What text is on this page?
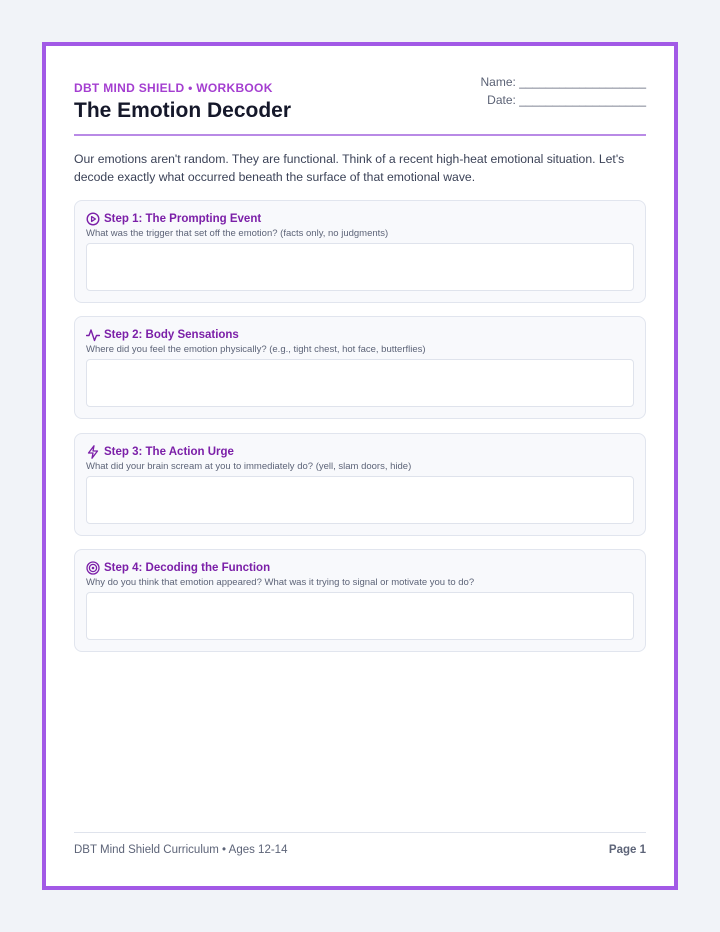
DBT MIND SHIELD • WORKBOOK
The Emotion Decoder
Name: ___________________
Date: ___________________
Our emotions aren't random. They are functional. Think of a recent high-heat emotional situation. Let's decode exactly what occurred beneath the surface of that emotional wave.
Step 1: The Prompting Event
What was the trigger that set off the emotion? (facts only, no judgments)
Step 2: Body Sensations
Where did you feel the emotion physically? (e.g., tight chest, hot face, butterflies)
Step 3: The Action Urge
What did your brain scream at you to immediately do? (yell, slam doors, hide)
Step 4: Decoding the Function
Why do you think that emotion appeared? What was it trying to signal or motivate you to do?
DBT Mind Shield Curriculum • Ages 12-14	Page 1
